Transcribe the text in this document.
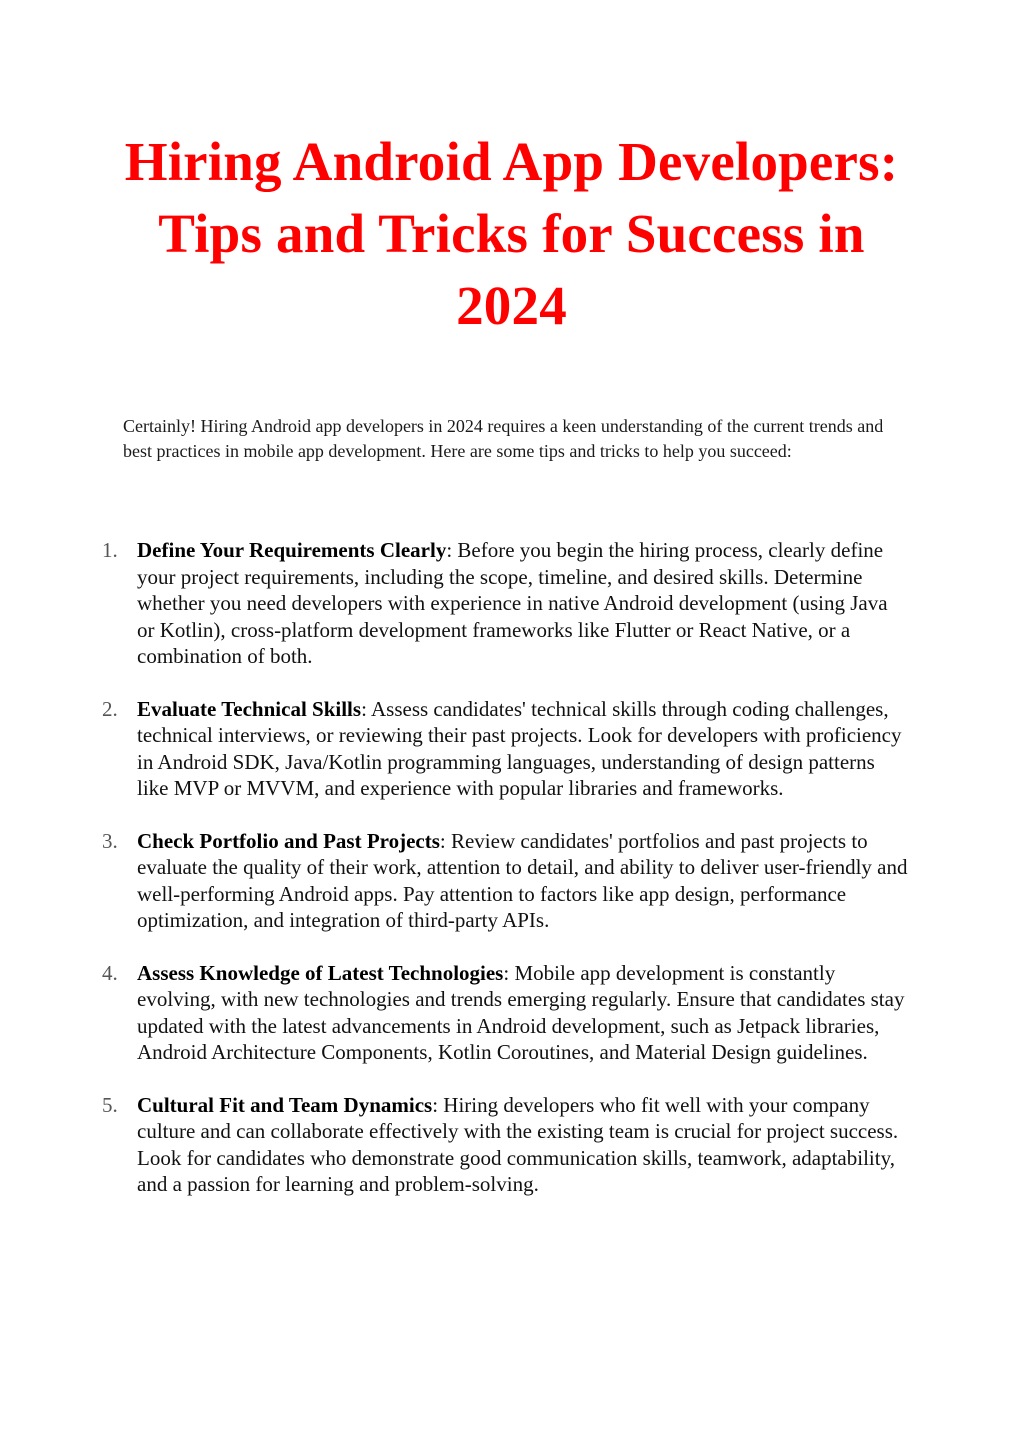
Hiring Android App Developers: Tips and Tricks for Success in 2024

Certainly! Hiring Android app developers in 2024 requires a keen understanding of the current trends and best practices in mobile app development. Here are some tips and tricks to help you succeed:

1. Define Your Requirements Clearly: Before you begin the hiring process, clearly define your project requirements, including the scope, timeline, and desired skills. Determine whether you need developers with experience in native Android development (using Java or Kotlin), cross-platform development frameworks like Flutter or React Native, or a combination of both.
2. Evaluate Technical Skills: Assess candidates' technical skills through coding challenges, technical interviews, or reviewing their past projects. Look for developers with proficiency in Android SDK, Java/Kotlin programming languages, understanding of design patterns like MVP or MVVM, and experience with popular libraries and frameworks.
3. Check Portfolio and Past Projects: Review candidates' portfolios and past projects to evaluate the quality of their work, attention to detail, and ability to deliver user-friendly and well-performing Android apps. Pay attention to factors like app design, performance optimization, and integration of third-party APIs.
4. Assess Knowledge of Latest Technologies: Mobile app development is constantly evolving, with new technologies and trends emerging regularly. Ensure that candidates stay updated with the latest advancements in Android development, such as Jetpack libraries, Android Architecture Components, Kotlin Coroutines, and Material Design guidelines.
5. Cultural Fit and Team Dynamics: Hiring developers who fit well with your company culture and can collaborate effectively with the existing team is crucial for project success. Look for candidates who demonstrate good communication skills, teamwork, adaptability, and a passion for learning and problem-solving.
